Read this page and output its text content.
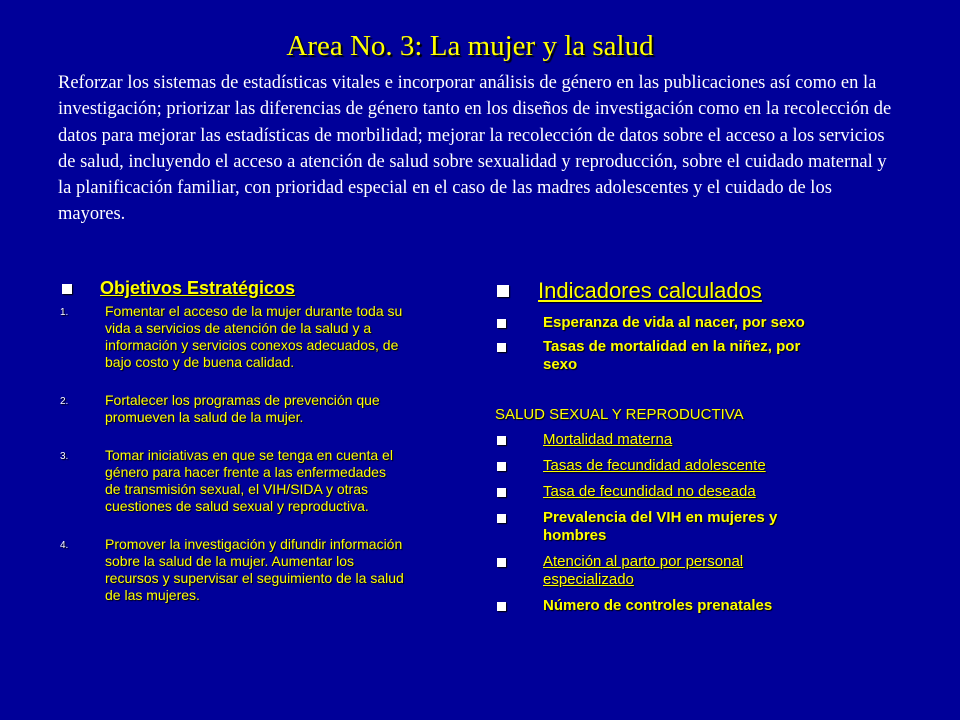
Area No. 3: La mujer y la salud

Reforzar los sistemas de estadísticas vitales e incorporar análisis de género en las publicaciones así como en la investigación; priorizar las diferencias de género tanto en los diseños de investigación como en la recolección de datos para mejorar las estadísticas de morbilidad; mejorar la recolección de datos sobre el acceso a los servicios de salud, incluyendo el acceso a atención de salud sobre sexualidad y reproducción, sobre el cuidado maternal y la planificación familiar, con prioridad especial en el caso de las madres adolescentes y el cuidado de los mayores.

Objetivos Estratégicos
1.	Fomentar el acceso de la mujer durante toda su vida a servicios de atención de la salud y a información y servicios conexos adecuados, de bajo costo y de buena calidad.
2.	Fortalecer los programas de prevención que promueven la salud de la mujer.
3.	Tomar iniciativas en que se tenga en cuenta el género para hacer frente a las enfermedades de transmisión sexual, el VIH/SIDA y otras cuestiones de salud sexual y reproductiva.
4.	Promover la investigación y difundir información sobre la salud de la mujer. Aumentar los recursos y supervisar el seguimiento de la salud de las mujeres.
Indicadores calculados
Esperanza de vida al nacer, por sexo
Tasas de mortalidad en la niñez, por sexo

SALUD SEXUAL Y REPRODUCTIVA

Mortalidad materna
Tasas de fecundidad adolescente
Tasa de fecundidad no deseada
Prevalencia del VIH en mujeres y hombres
Atención al parto por personal especializado
Número de controles prenatales
